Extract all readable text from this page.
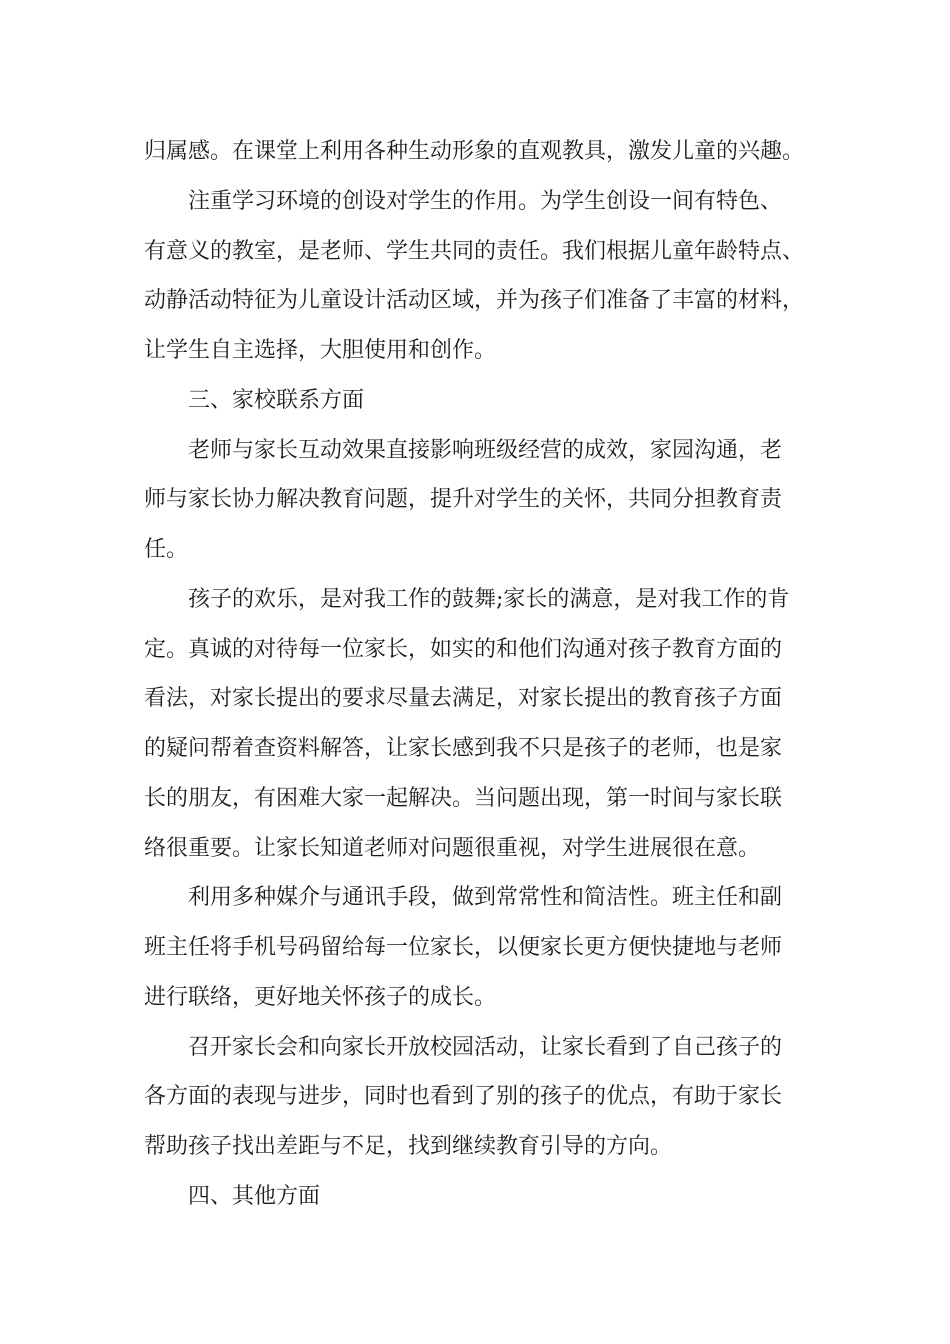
归属感。在课堂上利用各种生动形象的直观教具，激发儿童的兴趣。

注重学习环境的创设对学生的作用。为学生创设一间有特色、

有意义的教室，是老师、学生共同的责任。我们根据儿童年龄特点、

动静活动特征为儿童设计活动区域，并为孩子们准备了丰富的材料，

让学生自主选择，大胆使用和创作。

三、家校联系方面

老师与家长互动效果直接影响班级经营的成效，家园沟通，老

师与家长协力解决教育问题，提升对学生的关怀，共同分担教育责

任。

孩子的欢乐，是对我工作的鼓舞;家长的满意，是对我工作的肯

定。真诚的对待每一位家长，如实的和他们沟通对孩子教育方面的

看法，对家长提出的要求尽量去满足，对家长提出的教育孩子方面

的疑问帮着查资料解答，让家长感到我不只是孩子的老师，也是家

长的朋友，有困难大家一起解决。当问题出现，第一时间与家长联

络很重要。让家长知道老师对问题很重视，对学生进展很在意。

利用多种媒介与通讯手段，做到常常性和简洁性。班主任和副

班主任将手机号码留给每一位家长，以便家长更方便快捷地与老师

进行联络，更好地关怀孩子的成长。

召开家长会和向家长开放校园活动，让家长看到了自己孩子的

各方面的表现与进步，同时也看到了别的孩子的优点，有助于家长

帮助孩子找出差距与不足，找到继续教育引导的方向。

四、其他方面
